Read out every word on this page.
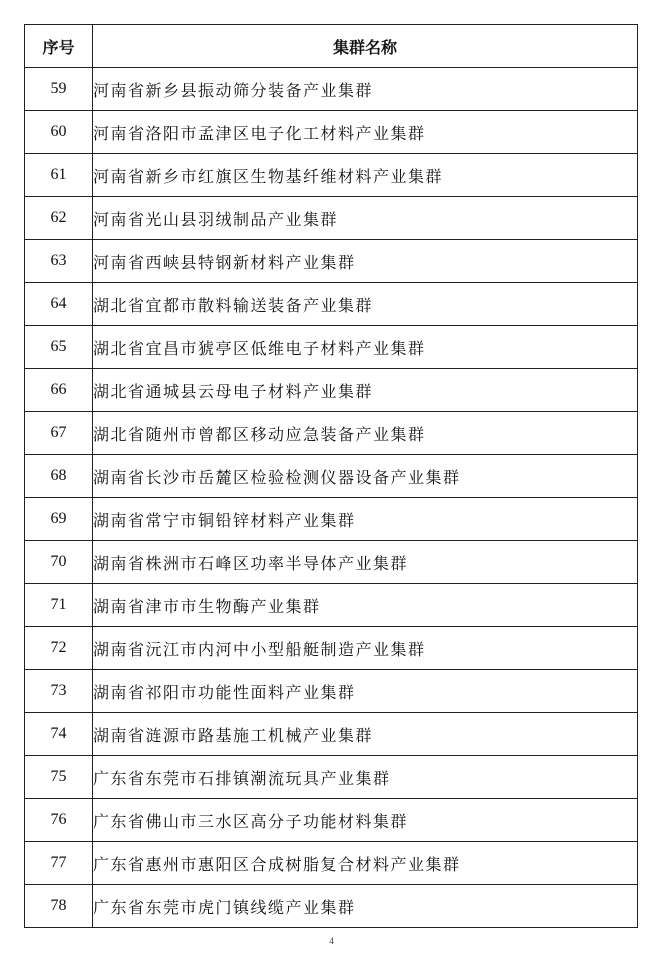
序号	集群名称
59	河南省新乡县振动筛分装备产业集群
60	河南省洛阳市孟津区电子化工材料产业集群
61	河南省新乡市红旗区生物基纤维材料产业集群
62	河南省光山县羽绒制品产业集群
63	河南省西峡县特钢新材料产业集群
64	湖北省宜都市散料输送装备产业集群
65	湖北省宜昌市猇亭区低维电子材料产业集群
66	湖北省通城县云母电子材料产业集群
67	湖北省随州市曾都区移动应急装备产业集群
68	湖南省长沙市岳麓区检验检测仪器设备产业集群
69	湖南省常宁市铜铅锌材料产业集群
70	湖南省株洲市石峰区功率半导体产业集群
71	湖南省津市市生物酶产业集群
72	湖南省沅江市内河中小型船艇制造产业集群
73	湖南省祁阳市功能性面料产业集群
74	湖南省涟源市路基施工机械产业集群
75	广东省东莞市石排镇潮流玩具产业集群
76	广东省佛山市三水区高分子功能材料集群
77	广东省惠州市惠阳区合成树脂复合材料产业集群
78	广东省东莞市虎门镇线缆产业集群
4
